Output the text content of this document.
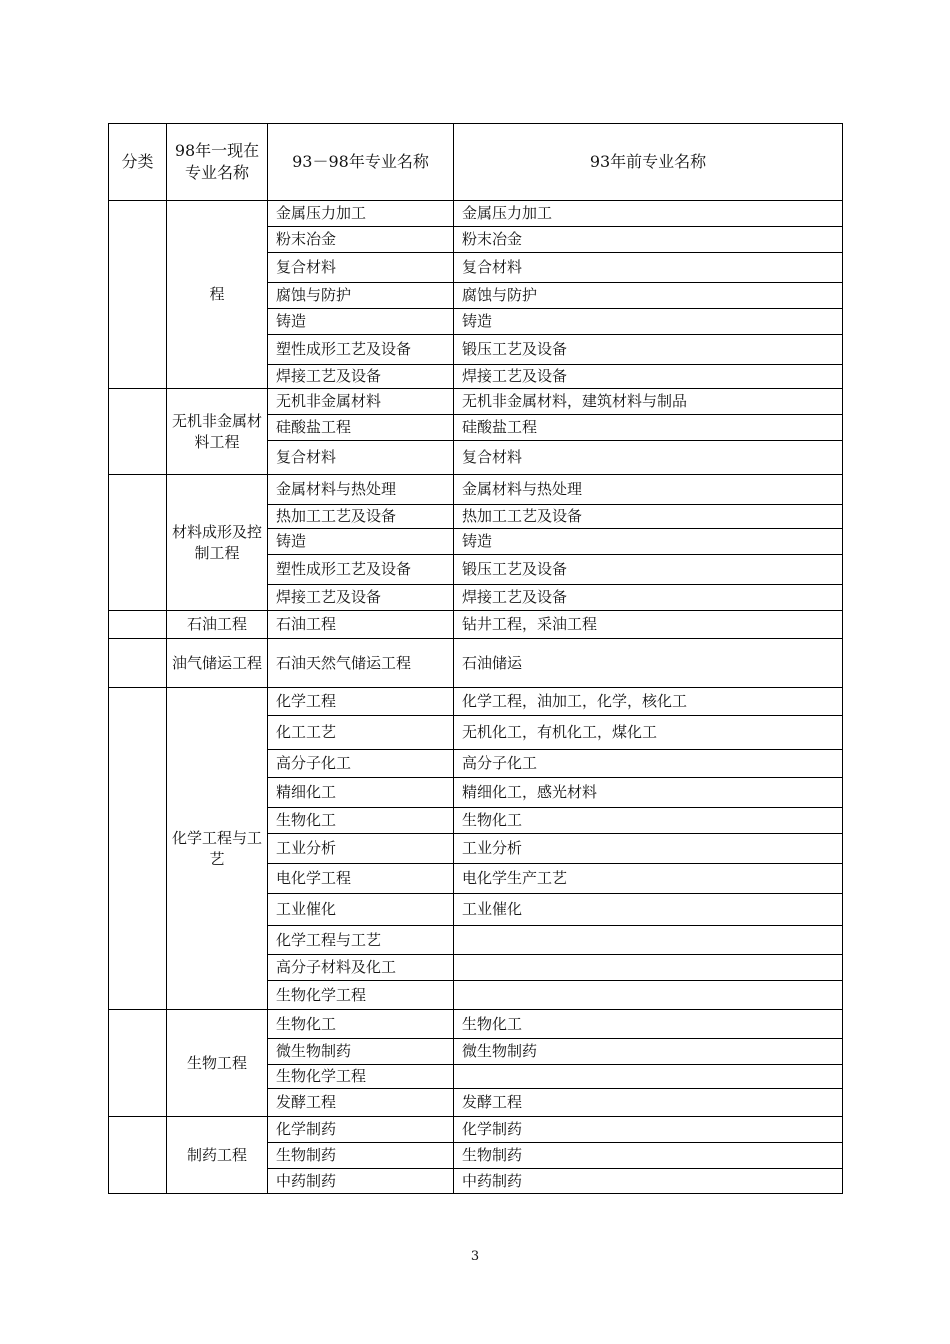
分类	98年一现在专业名称	93－98年专业名称	93年前专业名称
	程	金属压力加工	金属压力加工
		粉末冶金	粉末冶金
		复合材料	复合材料
		腐蚀与防护	腐蚀与防护
		铸造	铸造
		塑性成形工艺及设备	锻压工艺及设备
		焊接工艺及设备	焊接工艺及设备
	无机非金属材料工程	无机非金属材料	无机非金属材料，建筑材料与制品
		硅酸盐工程	硅酸盐工程
		复合材料	复合材料
	材料成形及控制工程	金属材料与热处理	金属材料与热处理
		热加工工艺及设备	热加工工艺及设备
		铸造	铸造
		塑性成形工艺及设备	锻压工艺及设备
		焊接工艺及设备	焊接工艺及设备
	石油工程	石油工程	钻井工程，采油工程
	油气储运工程	石油天然气储运工程	石油储运
	化学工程与工艺	化学工程	化学工程，油加工，化学，核化工
		化工工艺	无机化工，有机化工，煤化工
		高分子化工	高分子化工
		精细化工	精细化工，感光材料
		生物化工	生物化工
		工业分析	工业分析
		电化学工程	电化学生产工艺
		工业催化	工业催化
		化学工程与工艺	
		高分子材料及化工	
		生物化学工程	
	生物工程	生物化工	生物化工
		微生物制药	微生物制药
		生物化学工程	
		发酵工程	发酵工程
	制药工程	化学制药	化学制药
		生物制药	生物制药
		中药制药	中药制药
3
